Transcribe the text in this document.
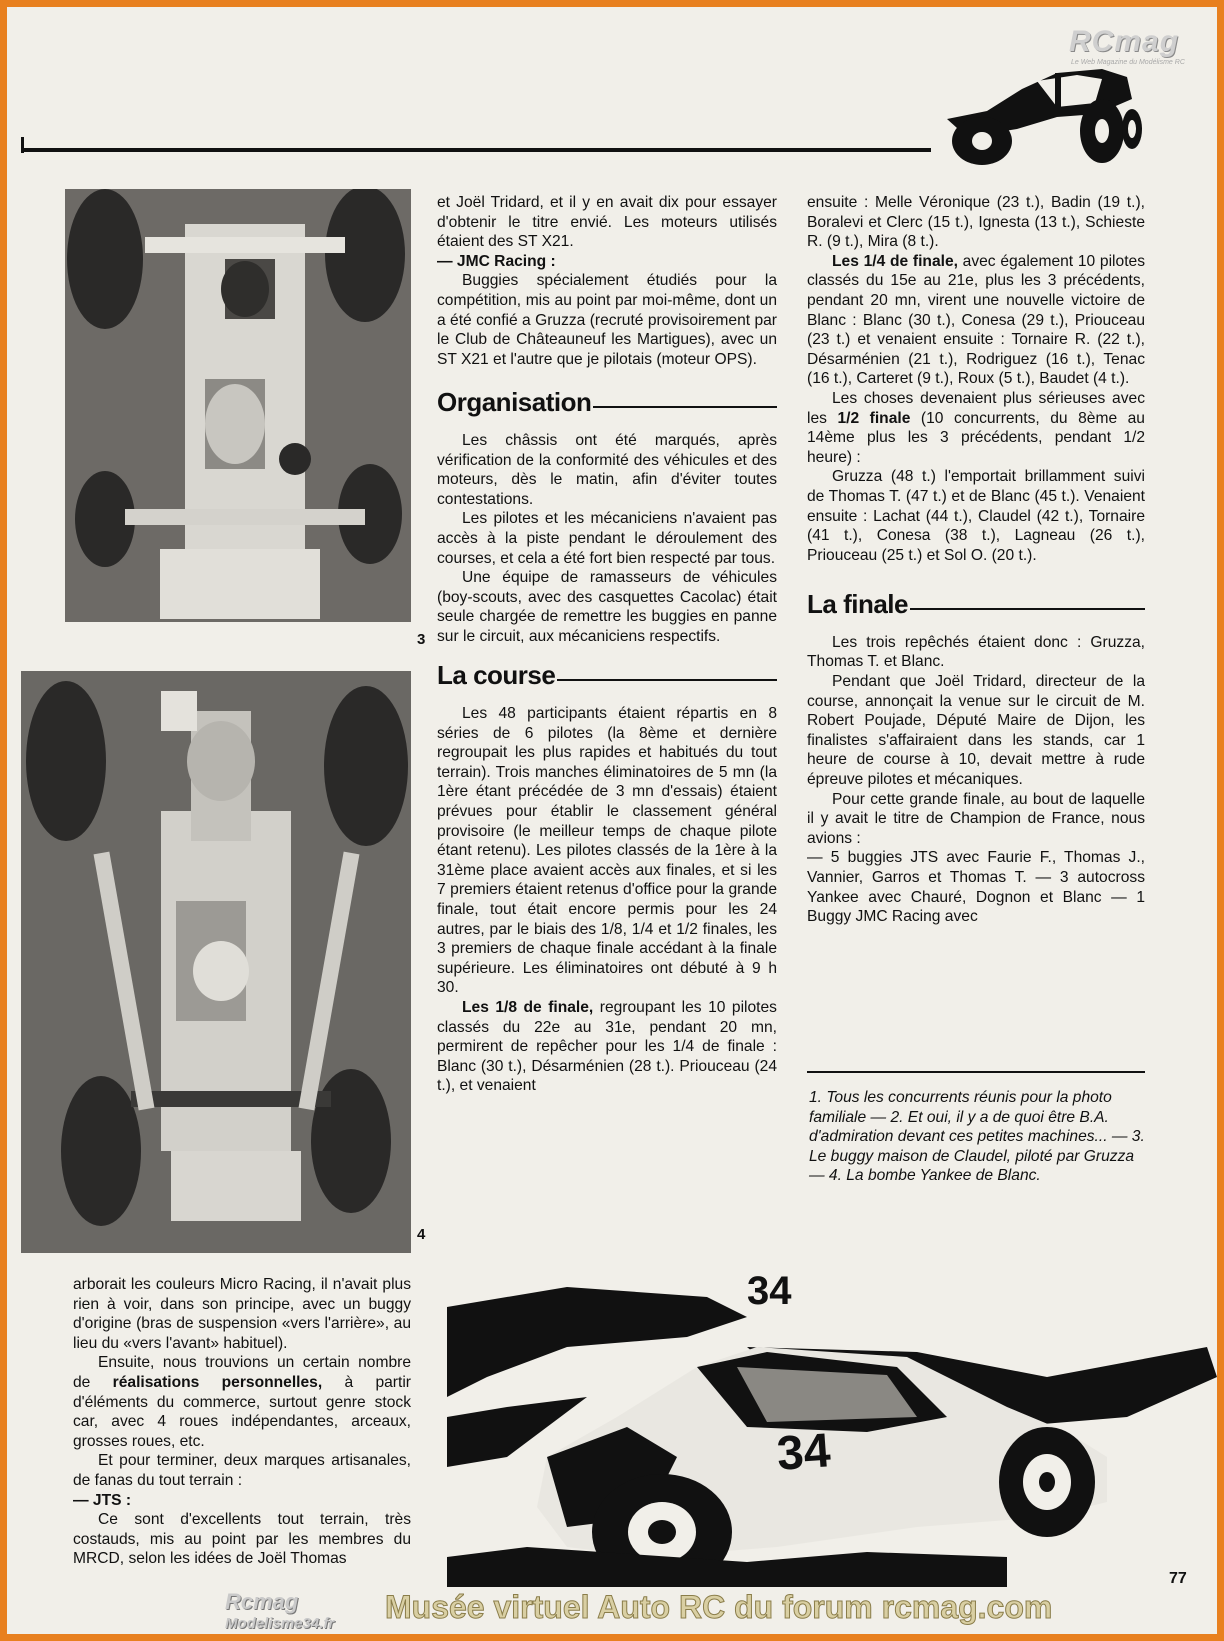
RCmag
Le Web Magazine du Modélisme RC
3
4

et Joël Tridard, et il y en avait dix pour essayer d'obtenir le titre envié. Les moteurs utilisés étaient des ST X21.

— JMC Racing :

Buggies spécialement étudiés pour la compétition, mis au point par moi-même, dont un a été confié a Gruzza (recruté provisoirement par le Club de Châteauneuf les Martigues), avec un ST X21 et l'autre que je pilotais (moteur OPS).

Organisation

Les châssis ont été marqués, après vérification de la conformité des véhicules et des moteurs, dès le matin, afin d'éviter toutes contestations.

Les pilotes et les mécaniciens n'avaient pas accès à la piste pendant le déroulement des courses, et cela a été fort bien respecté par tous.

Une équipe de ramasseurs de véhicules (boy-scouts, avec des casquettes Cacolac) était seule chargée de remettre les buggies en panne sur le circuit, aux mécaniciens respectifs.

La course

Les 48 participants étaient répartis en 8 séries de 6 pilotes (la 8ème et dernière regroupait les plus rapides et habitués du tout terrain). Trois manches éliminatoires de 5 mn (la 1ère étant précédée de 3 mn d'essais) étaient prévues pour établir le classement général provisoire (le meilleur temps de chaque pilote étant retenu). Les pilotes classés de la 1ère à la 31ème place avaient accès aux finales, et si les 7 premiers étaient retenus d'office pour la grande finale, tout était encore permis pour les 24 autres, par le biais des 1/8, 1/4 et 1/2 finales, les 3 premiers de chaque finale accédant à la finale supérieure. Les éliminatoires ont débuté à 9 h 30.

Les 1/8 de finale, regroupant les 10 pilotes classés du 22e au 31e, pendant 20 mn, permirent de repêcher pour les 1/4 de finale : Blanc (30 t.), Désarménien (28 t.). Priouceau (24 t.), et venaient

ensuite : Melle Véronique (23 t.), Badin (19 t.), Boralevi et Clerc (15 t.), Ignesta (13 t.), Schieste R. (9 t.), Mira (8 t.).

Les 1/4 de finale, avec également 10 pilotes classés du 15e au 21e, plus les 3 précédents, pendant 20 mn, virent une nouvelle victoire de Blanc : Blanc (30 t.), Conesa (29 t.), Priouceau (23 t.) et venaient ensuite : Tornaire R. (22 t.), Désarménien (21 t.), Rodriguez (16 t.), Tenac (16 t.), Carteret (9 t.), Roux (5 t.), Baudet (4 t.).

Les choses devenaient plus sérieuses avec les 1/2 finale (10 concurrents, du 8ème au 14ème plus les 3 précédents, pendant 1/2 heure) :

Gruzza (48 t.) l'emportait brillamment suivi de Thomas T. (47 t.) et de Blanc (45 t.). Venaient ensuite : Lachat (44 t.), Claudel (42 t.), Tornaire (41 t.), Conesa (38 t.), Lagneau (26 t.), Priouceau (25 t.) et Sol O. (20 t.).

La finale

Les trois repêchés étaient donc : Gruzza, Thomas T. et Blanc.

Pendant que Joël Tridard, directeur de la course, annonçait la venue sur le circuit de M. Robert Poujade, Député Maire de Dijon, les finalistes s'affairaient dans les stands, car 1 heure de course à 10, devait mettre à rude épreuve pilotes et mécaniques.

Pour cette grande finale, au bout de laquelle il y avait le titre de Champion de France, nous avions :

— 5 buggies JTS avec Faurie F., Thomas J., Vannier, Garros et Thomas T. — 3 autocross Yankee avec Chauré, Dognon et Blanc — 1 Buggy JMC Racing avec

1. Tous les concurrents réunis pour la photo familiale — 2. Et oui, il y a de quoi être B.A. d'admiration devant ces petites machines... — 3. Le buggy maison de Claudel, piloté par Gruzza — 4. La bombe Yankee de Blanc.

arborait les couleurs Micro Racing, il n'avait plus rien à voir, dans son principe, avec un buggy d'origine (bras de suspension «vers l'arrière», au lieu du «vers l'avant» habituel).

Ensuite, nous trouvions un certain nombre de réalisations personnelles, à partir d'éléments du commerce, surtout genre stock car, avec 4 roues indépendantes, arceaux, grosses roues, etc.

Et pour terminer, deux marques artisanales, de fanas du tout terrain :

— JTS :

Ce sont d'excellents tout terrain, très costauds, mis au point par les membres du MRCD, selon les idées de Joël Thomas

34
34
77
Rcmag
Modelisme34.fr Musée virtuel Auto RC du forum rcmag.com
